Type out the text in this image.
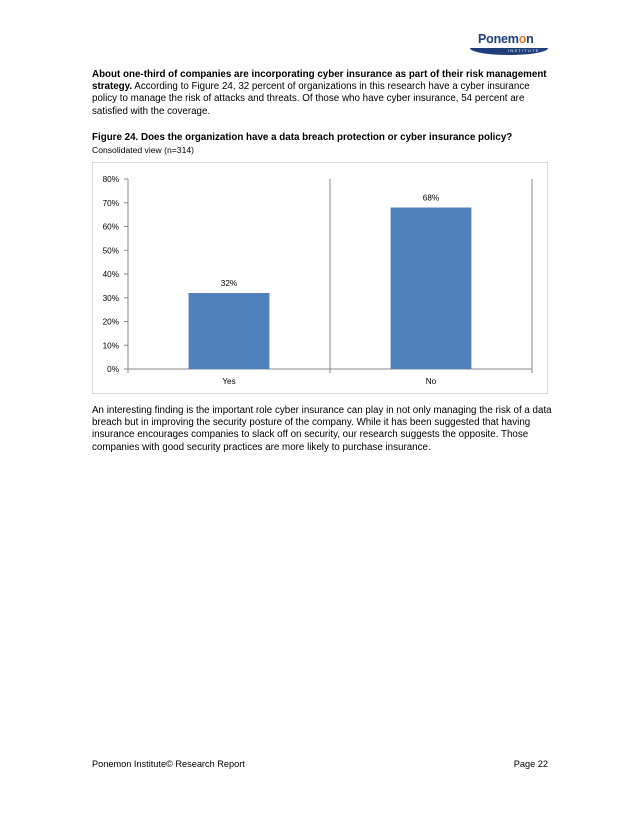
Ponemon
INSTITUTE
About one-third of companies are incorporating cyber insurance as part of their risk management strategy. According to Figure 24, 32 percent of organizations in this research have a cyber insurance policy to manage the risk of attacks and threats. Of those who have cyber insurance, 54 percent are satisfied with the coverage.
Figure 24. Does the organization have a data breach protection or cyber insurance policy?
Consolidated view (n=314)
0%
10%
20%
30%
40%
50%
60%
70%
80%
32%
Yes
68%
No
An interesting finding is the important role cyber insurance can play in not only managing the risk of a data breach but in improving the security posture of the company. While it has been suggested that having insurance encourages companies to slack off on security, our research suggests the opposite. Those companies with good security practices are more likely to purchase insurance.
Ponemon Institute© Research Report	Page 22
